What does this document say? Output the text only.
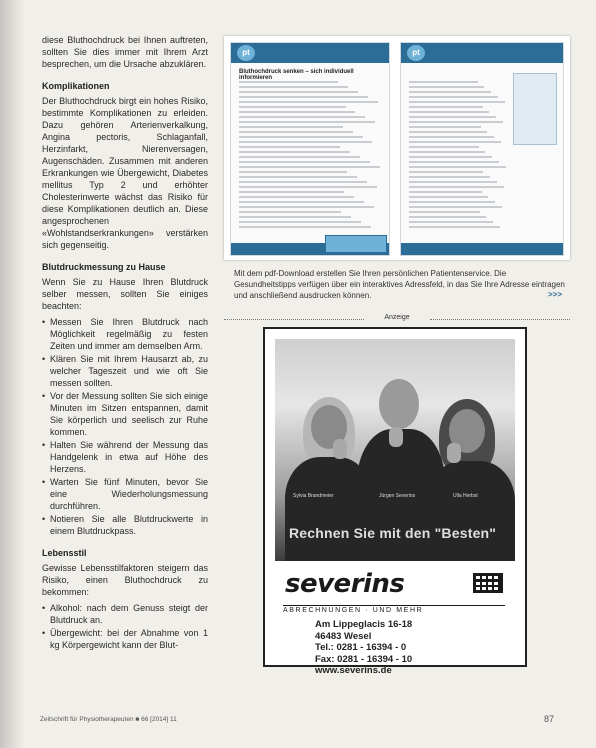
diese Bluthochdruck bei Ihnen auftreten, sollten Sie dies immer mit Ihrem Arzt besprechen, um die Ursache abzuklären.

Komplikationen

Der Bluthochdruck birgt ein hohes Risiko, bestimmte Komplikationen zu erleiden. Dazu gehören Arterienverkalkung, Angina pectoris, Schlaganfall, Herzinfarkt, Nierenversagen, Augenschäden. Zusammen mit anderen Erkrankungen wie Übergewicht, Diabetes mellitus Typ 2 und erhöhter Cholesterinwerte wächst das Risiko für diese Komplikationen deutlich an. Diese angesprochenen «Wohlstandserkrankungen» verstärken sich gegenseitig.

Blutdruckmessung zu Hause

Wenn Sie zu Hause Ihren Blutdruck selber messen, sollten Sie einiges beachten:

• Messen Sie Ihren Blutdruck nach Möglichkeit regelmäßig zu festen Zeiten und immer am demselben Arm.
• Klären Sie mit Ihrem Hausarzt ab, zu welcher Tageszeit und wie oft Sie messen sollten.
• Vor der Messung sollten Sie sich einige Minuten im Sitzen entspannen, damit Sie körperlich und seelisch zur Ruhe kommen.
• Halten Sie während der Messung das Handgelenk in etwa auf Höhe des Herzens.
• Warten Sie fünf Minuten, bevor Sie eine Wiederholungsmessung durchführen.
• Notieren Sie alle Blutdruckwerte in einem Blutdruckpass.
Lebensstil

Gewisse Lebensstilfaktoren steigern das Risiko, einen Bluthochdruck zu bekommen:

• Alkohol: nach dem Genuss steigt der Blutdruck an.
• Übergewicht: bei der Abnahme von 1 kg Körpergewicht kann der Blut-
pt
Bluthochdruck senken – sich individuell informieren
pt
Mit dem pdf-Download erstellen Sie Ihren persönlichen Patientenservice. Die Gesundheitstipps verfügen über ein interaktives Adressfeld, in das Sie Ihre Adresse eintragen und anschließend ausdrucken können.	>>>
Anzeige
Sylvia Brandmeier	Jürgen Severins	Ulla Herbst
Rechnen Sie mit den "Besten"
severins
ABRECHNUNGEN · UND MEHR
Am Lippeglacis 16-18
46483 Wesel
Tel.: 0281 - 16394 - 0
Fax: 0281 - 16394 - 10
www.severins.de
Zeitschrift für Physiotherapeuten ■ 66 [2014] 11	87
